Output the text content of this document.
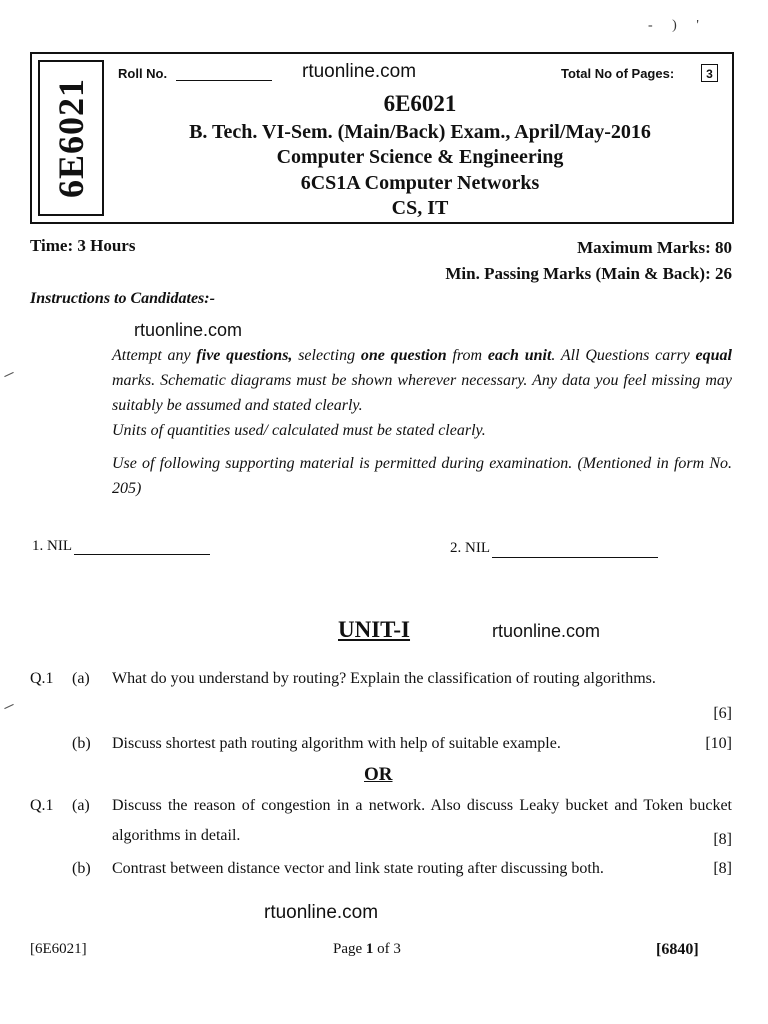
- ) '
6E6021
Roll No.	rtuonline.com	Total No of Pages:	3
6E6021
B. Tech. VI-Sem. (Main/Back) Exam., April/May-2016
Computer Science & Engineering
6CS1A Computer Networks
CS, IT
Time: 3 Hours	Maximum Marks: 80
Min. Passing Marks (Main & Back): 26
Instructions to Candidates:-
rtuonline.com

Attempt any five questions, selecting one question from each unit. All Questions carry equal marks. Schematic diagrams must be shown wherever necessary. Any data you feel missing may suitably be assumed and stated clearly.

Units of quantities used/ calculated must be stated clearly.

Use of following supporting material is permitted during examination. (Mentioned in form No. 205)

1. NIL	2. NIL
UNIT-I	rtuonline.com
Q.1 (a) What do you understand by routing? Explain the classification of routing algorithms.
[6]
(b) Discuss shortest path routing algorithm with help of suitable example.	[10]
OR
Q.1 (a) Discuss the reason of congestion in a network. Also discuss Leaky bucket and Token bucket algorithms in detail.	[8]
(b) Contrast between distance vector and link state routing after discussing both.	[8]
rtuonline.com
[6E6021]	Page 1 of 3	[6840]
